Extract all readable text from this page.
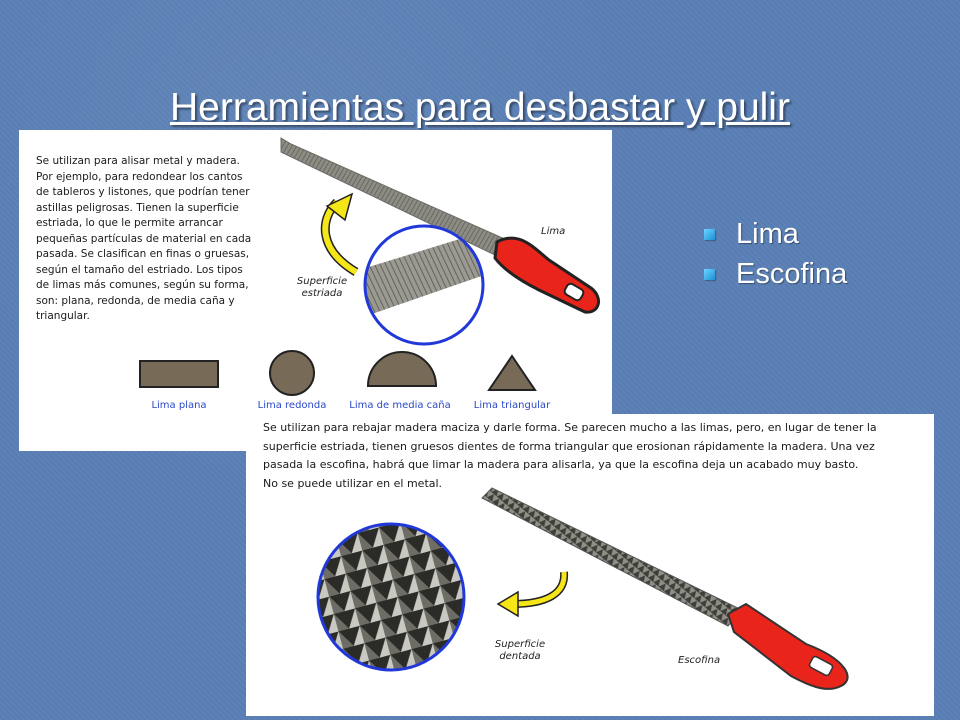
Herramientas para desbastar y pulir
Lima
Escofina

Se utilizan para alisar metal y madera. Por ejemplo, para redondear los cantos de tableros y listones, que podrían tener astillas peligrosas. Tienen la superficie estriada, lo que le permite arrancar pequeñas partículas de material en cada pasada. Se clasifican en finas o gruesas, según el tamaño del estriado. Los tipos de limas más comunes, según su forma, son: plana, redonda, de media caña y triangular.

Lima
Superficie
estriada
Lima plana	Lima redonda	Lima de media caña	Lima triangular
Se utilizan para rebajar madera maciza y darle forma. Se parecen mucho a las limas, pero, en lugar de tener la
superficie estriada, tienen gruesos dientes de forma triangular que erosionan rápidamente la madera. Una vez
pasada la escofina, habrá que limar la madera para alisarla, ya que la escofina deja un acabado muy basto.
No se puede utilizar en el metal.
Escofina
Superficie
dentada
